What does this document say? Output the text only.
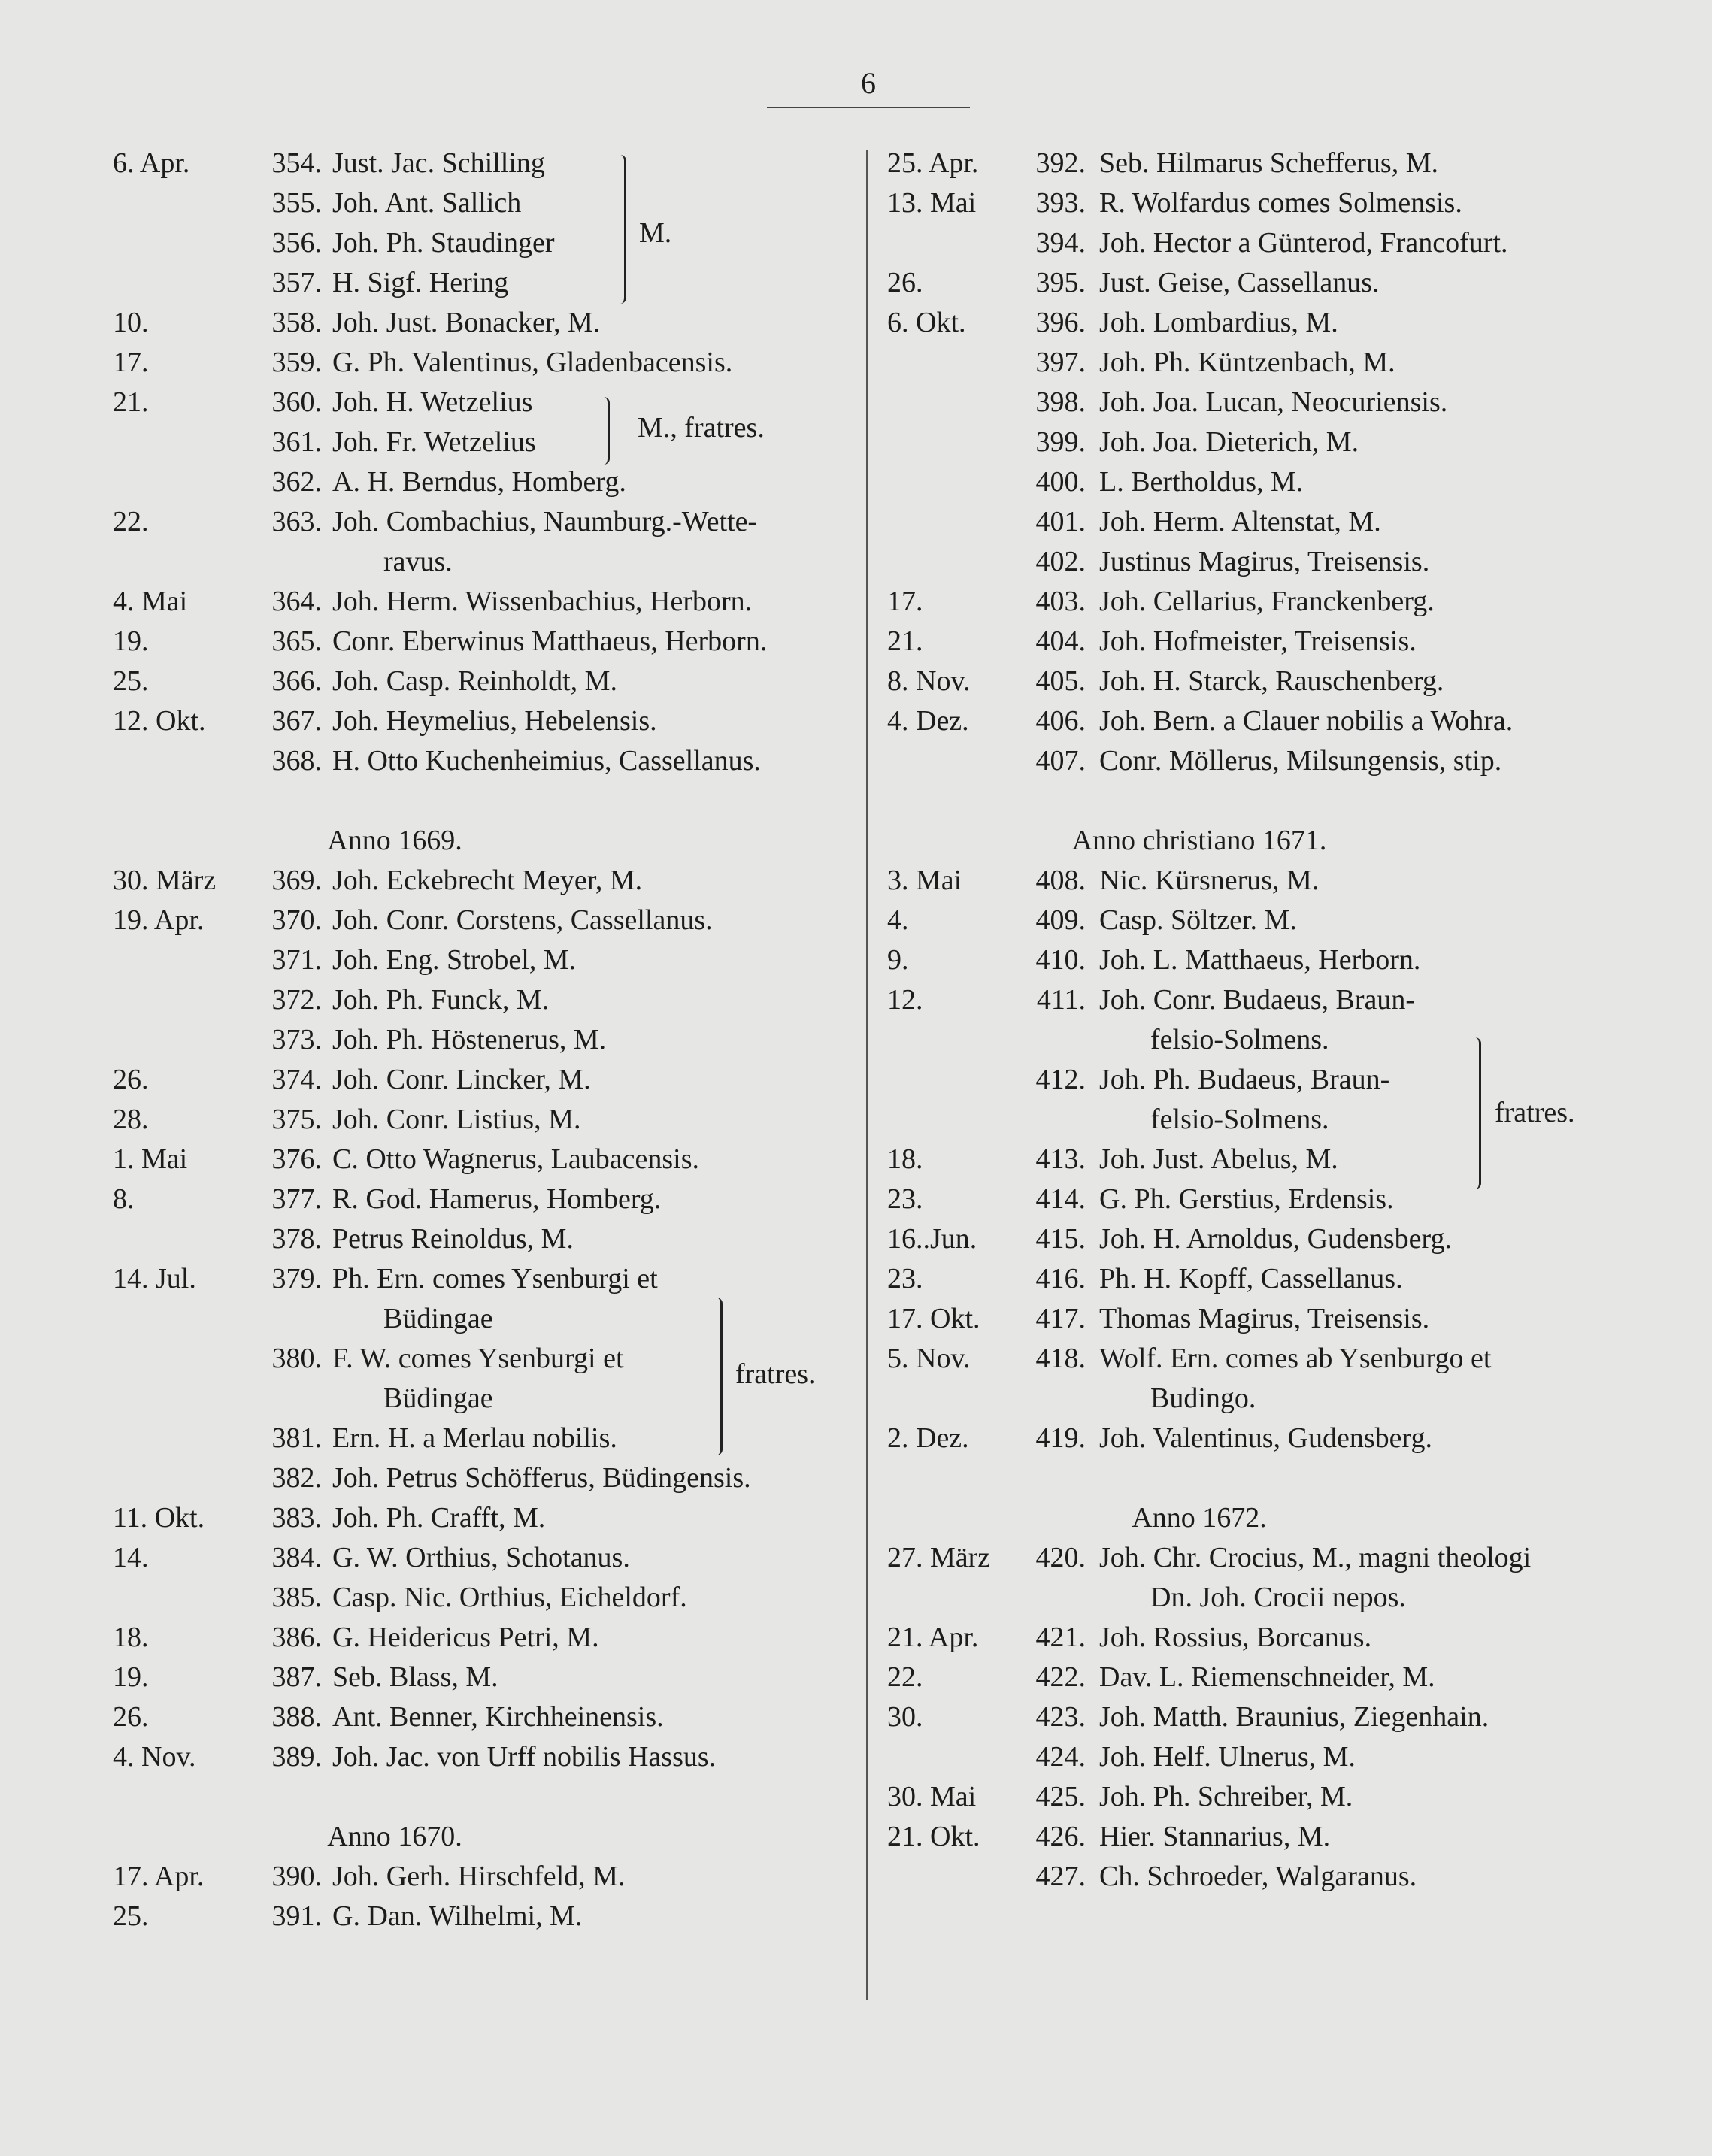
6
6. Apr.	354. Just. Jac. Schilling
355. Joh. Ant. Sallich
356. Joh. Ph. Staudinger
357. H. Sigf. Hering
10.	358. Joh. Just. Bonacker, M.
17.	359. G. Ph. Valentinus, Gladenbacensis.
21.	360. Joh. H. Wetzelius
361. Joh. Fr. Wetzelius
362. A. H. Berndus, Homberg.
22.	363. Joh. Combachius, Naumburg.-Wette-
ravus.
4. Mai	364. Joh. Herm. Wissenbachius, Herborn.
19.	365. Conr. Eberwinus Matthaeus, Herborn.
25.	366. Joh. Casp. Reinholdt, M.
12. Okt. 367. Joh. Heymelius, Hebelensis.
368. H. Otto Kuchenheimius, Cassellanus.
Anno 1669.
30. März 369. Joh. Eckebrecht Meyer, M.
19. Apr. 370. Joh. Conr. Corstens, Cassellanus.
371. Joh. Eng. Strobel, M.
372. Joh. Ph. Funck, M.
373. Joh. Ph. Höstenerus, M.
26.	374. Joh. Conr. Lincker, M.
28.	375. Joh. Conr. Listius, M.
1. Mai	376. C. Otto Wagnerus, Laubacensis.
8.	377. R. God. Hamerus, Homberg.
378. Petrus Reinoldus, M.
14. Jul.	379. Ph. Ern. comes Ysenburgi et
Büdingae
380. F. W. comes Ysenburgi et
Büdingae
381. Ern. H. a Merlau nobilis.
382. Joh. Petrus Schöfferus, Büdingensis.
11. Okt. 383. Joh. Ph. Crafft, M.
14.	384. G. W. Orthius, Schotanus.
385. Casp. Nic. Orthius, Eicheldorf.
18.	386. G. Heidericus Petri, M.
19.	387. Seb. Blass, M.
26.	388. Ant. Benner, Kirchheinensis.
4. Nov.	389. Joh. Jac. von Urff nobilis Hassus.
Anno 1670.
17. Apr. 390. Joh. Gerh. Hirschfeld, M.
25.	391. G. Dan. Wilhelmi, M.
25. Apr. 392. Seb. Hilmarus Schefferus, M.
13. Mai 393. R. Wolfardus comes Solmensis.
394. Joh. Hector a Günterod, Francofurt.
26.	395. Just. Geise, Cassellanus.
6. Okt. 396. Joh. Lombardius, M.
397. Joh. Ph. Küntzenbach, M.
398. Joh. Joa. Lucan, Neocuriensis.
399. Joh. Joa. Dieterich, M.
400. L. Bertholdus, M.
401. Joh. Herm. Altenstat, M.
402. Justinus Magirus, Treisensis.
17.	403. Joh. Cellarius, Franckenberg.
21.	404. Joh. Hofmeister, Treisensis.
8. Nov. 405. Joh. H. Starck, Rauschenberg.
4. Dez. 406. Joh. Bern. a Clauer nobilis a Wohra.
407. Conr. Möllerus, Milsungensis, stip.
Anno christiano 1671.
3. Mai	408. Nic. Kürsnerus, M.
4.	409. Casp. Söltzer. M.
9.	410. Joh. L. Matthaeus, Herborn.
12.	411. Joh. Conr. Budaeus, Braun-
felsio-Solmens.
412. Joh. Ph. Budaeus, Braun-
felsio-Solmens.
18.	413. Joh. Just. Abelus, M.
23.	414. G. Ph. Gerstius, Erdensis.
16..Jun. 415. Joh. H. Arnoldus, Gudensberg.
23.	416. Ph. H. Kopff, Cassellanus.
17. Okt. 417. Thomas Magirus, Treisensis.
5. Nov. 418. Wolf. Ern. comes ab Ysenburgo et
Budingo.
2. Dez. 419. Joh. Valentinus, Gudensberg.
Anno 1672.
27. März 420. Joh. Chr. Crocius, M., magni theologi
Dn. Joh. Crocii nepos.
21. Apr. 421. Joh. Rossius, Borcanus.
22.	422. Dav. L. Riemenschneider, M.
30.	423. Joh. Matth. Braunius, Ziegenhain.
424. Joh. Helf. Ulnerus, M.
30. Mai 425. Joh. Ph. Schreiber, M.
21. Okt. 426. Hier. Stannarius, M.
427. Ch. Schroeder, Walgaranus.
M.
M., fratres.
fratres.
fratres.
